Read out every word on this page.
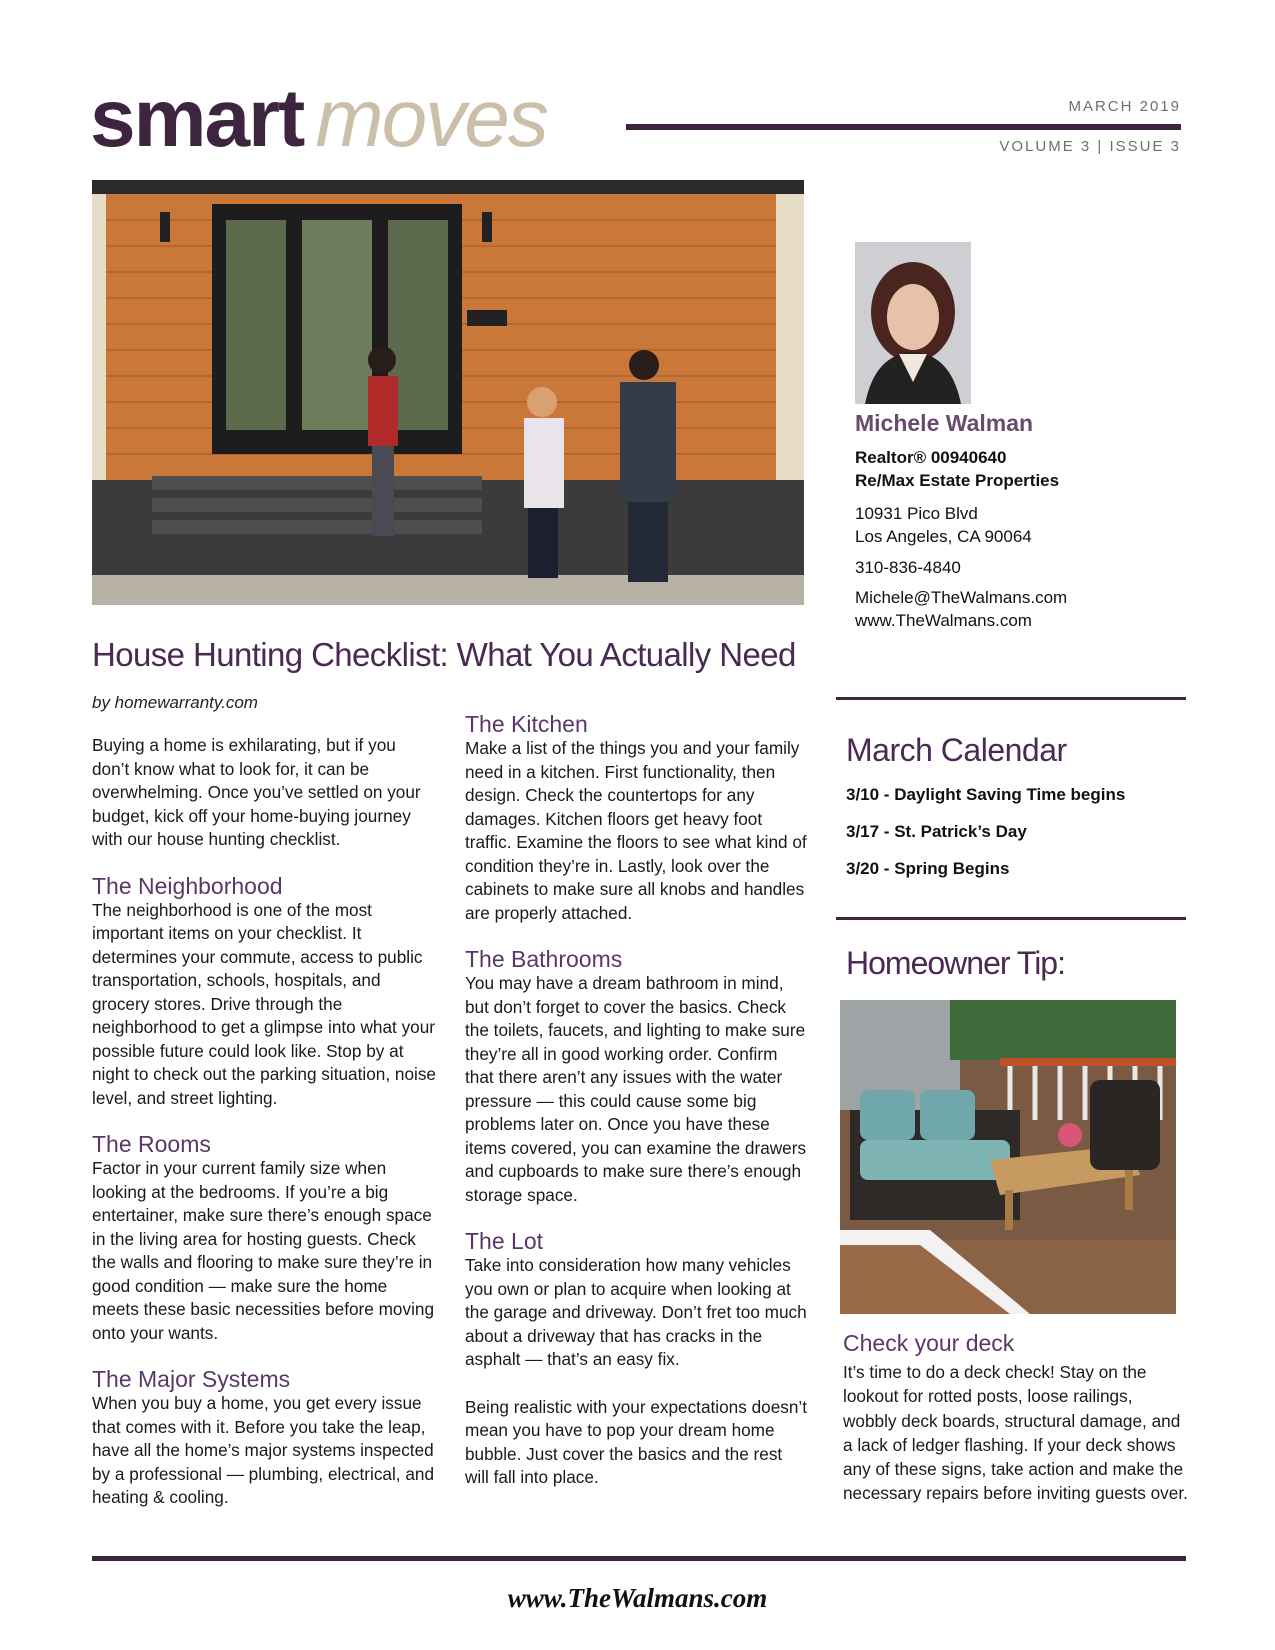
smart moves	MARCH 2019
VOLUME 3 | ISSUE 3
Michele Walman
Realtor® 00940640
Re/Max Estate Properties
10931 Pico Blvd
Los Angeles, CA 90064
310-836-4840
Michele@TheWalmans.com
www.TheWalmans.com
House Hunting Checklist: What You Actually Need
by homewarranty.com

Buying a home is exhilarating, but if you don’t know what to look for, it can be overwhelming. Once you’ve settled on your budget, kick off your home-buying journey with our house hunting checklist.

The Neighborhood

The neighborhood is one of the most important items on your checklist. It determines your commute, access to public transportation, schools, hospitals, and grocery stores. Drive through the neighborhood to get a glimpse into what your possible future could look like. Stop by at night to check out the parking situation, noise level, and street lighting.

The Rooms

Factor in your current family size when looking at the bedrooms. If you’re a big entertainer, make sure there’s enough space in the living area for hosting guests. Check the walls and flooring to make sure they’re in good condition — make sure the home meets these basic necessities before moving onto your wants.

The Major Systems

When you buy a home, you get every issue that comes with it. Before you take the leap, have all the home’s major systems inspected by a professional — plumbing, electrical, and heating & cooling.

The Kitchen

Make a list of the things you and your family need in a kitchen. First functionality, then design. Check the countertops for any damages. Kitchen floors get heavy foot traffic. Examine the floors to see what kind of condition they’re in. Lastly, look over the cabinets to make sure all knobs and handles are properly attached.

The Bathrooms

You may have a dream bathroom in mind, but don’t forget to cover the basics. Check the toilets, faucets, and lighting to make sure they’re all in good working order. Confirm that there aren’t any issues with the water pressure — this could cause some big problems later on. Once you have these items covered, you can examine the drawers and cupboards to make sure there’s enough storage space.

The Lot

Take into consideration how many vehicles you own or plan to acquire when looking at the garage and driveway. Don’t fret too much about a driveway that has cracks in the asphalt — that’s an easy fix.

Being realistic with your expectations doesn’t mean you have to pop your dream home bubble. Just cover the basics and the rest will fall into place.

March Calendar
3/10 - Daylight Saving Time begins
3/17 - St. Patrick’s Day
3/20 - Spring Begins
Homeowner Tip:
Check your deck
It’s time to do a deck check! Stay on the lookout for rotted posts, loose railings, wobbly deck boards, structural damage, and a lack of ledger flashing. If your deck shows any of these signs, take action and make the necessary repairs before inviting guests over.
www.TheWalmans.com
